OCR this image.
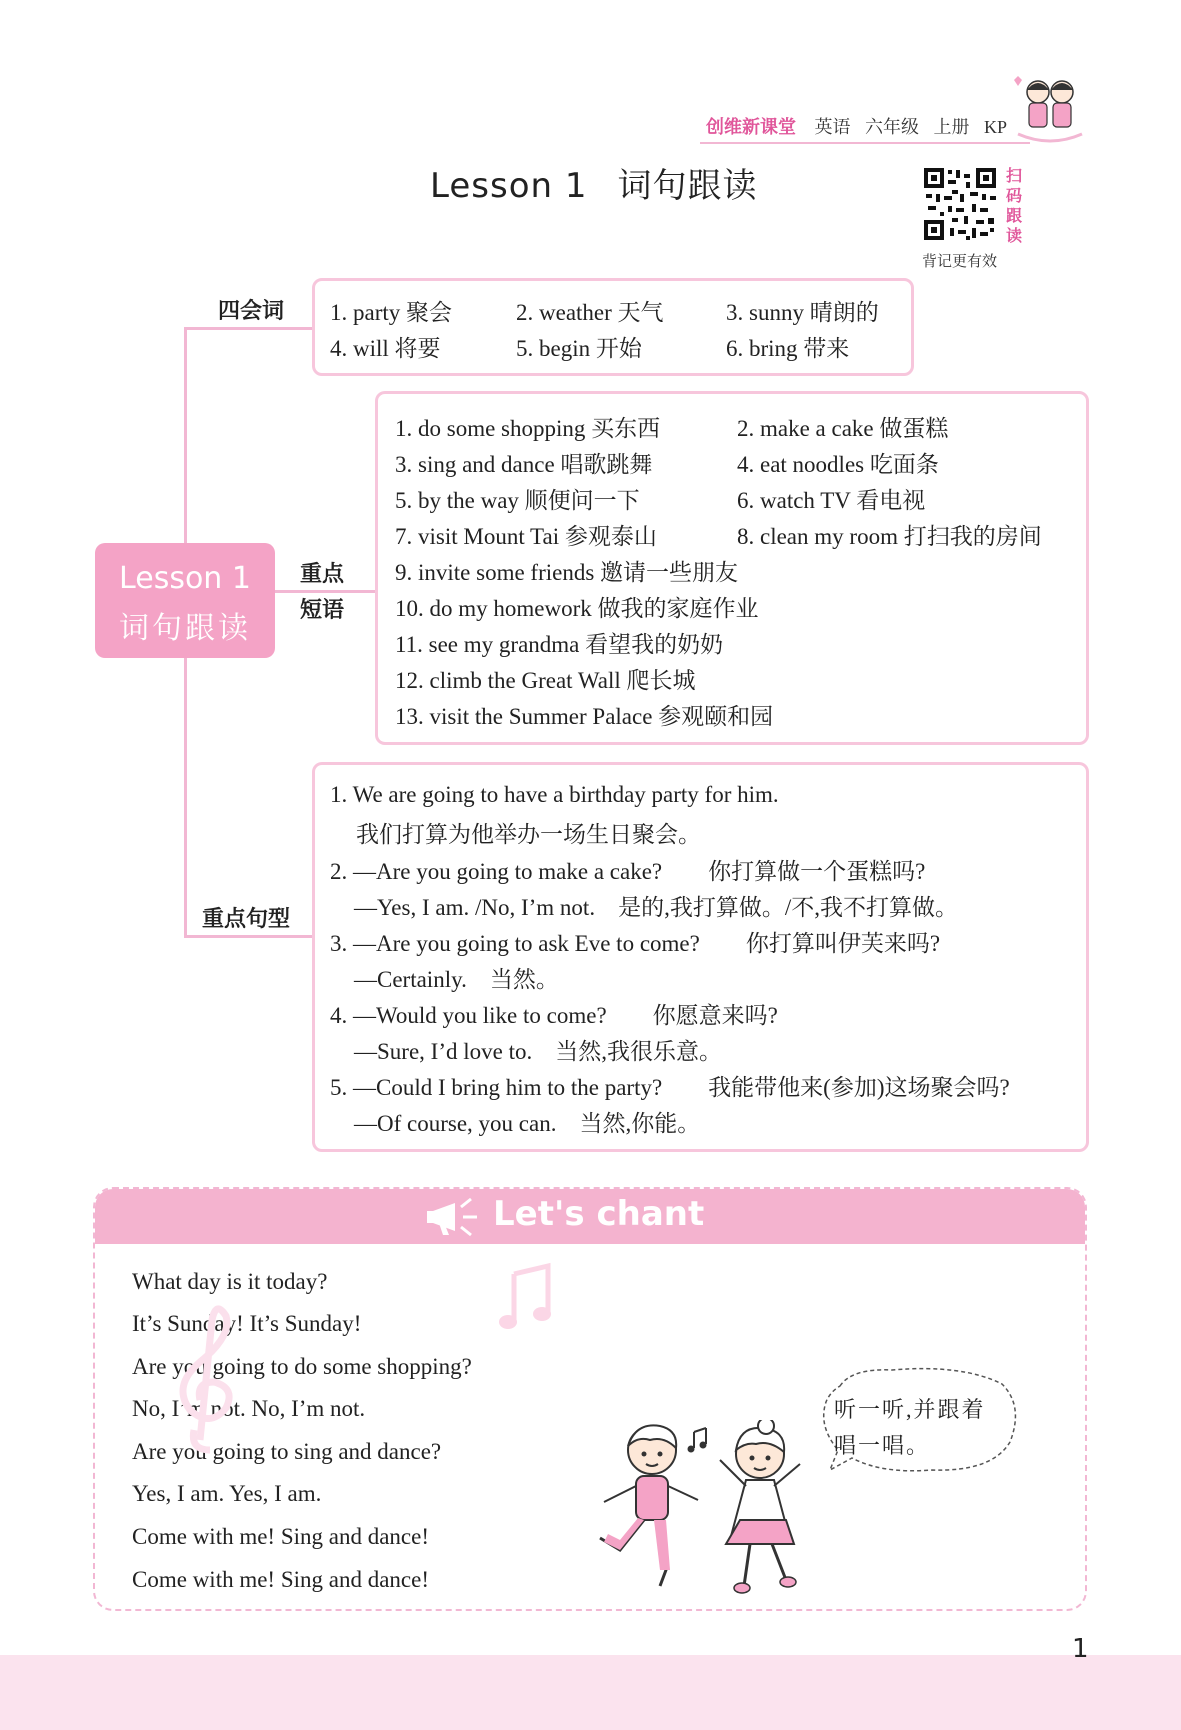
创维新课堂 英语 六年级 上册 KP
Lesson 1 词句跟读	扫码跟读
背记更有效
Lesson 1
词句跟读
四会词 1. party 聚会	2. weather 天气	3. sunny 晴朗的
4. will 将要	5. begin 开始	6. bring 带来
重点
短语
1. do some shopping 买东西	2. make a cake 做蛋糕
3. sing and dance 唱歌跳舞	4. eat noodles 吃面条
5. by the way 顺便问一下	6. watch TV 看电视
7. visit Mount Tai 参观泰山	8. clean my room 打扫我的房间
9. invite some friends 邀请一些朋友
10. do my homework 做我的家庭作业
11. see my grandma 看望我的奶奶
12. climb the Great Wall 爬长城
13. visit the Summer Palace 参观颐和园
重点句型
1. We are going to have a birthday party for him.
我们打算为他举办一场生日聚会。
2. —Are you going to make a cake?　　你打算做一个蛋糕吗?
—Yes, I am. /No, I’m not.　是的,我打算做。/不,我不打算做。
3. —Are you going to ask Eve to come?　　你打算叫伊芙来吗?
—Certainly.　当然。
4. —Would you like to come?　　你愿意来吗?
—Sure, I’d love to.　当然,我很乐意。
5. —Could I bring him to the party?　　我能带他来(参加)这场聚会吗?
—Of course, you can.　当然,你能。
Let's chant
What day is it today?
It’s Sunday! It’s Sunday!
Are you going to do some shopping?
No, I’m not. No, I’m not.
Are you going to sing and dance?
Yes, I am. Yes, I am.
Come with me! Sing and dance!
Come with me! Sing and dance!
听一听,并跟着
唱一唱。
1
